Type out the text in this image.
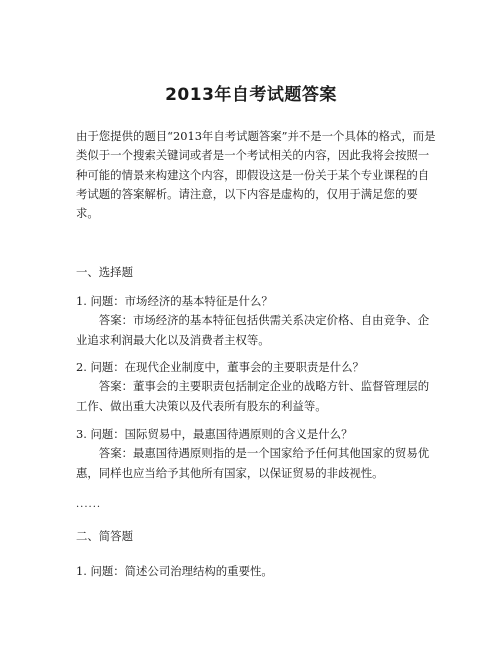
2013年自考试题答案
由于您提供的题目“2013年自考试题答案”并不是一个具体的格式，而是类似于一个搜索关键词或者是一个考试相关的内容，因此我将会按照一种可能的情景来构建这个内容，即假设这是一份关于某个专业课程的自考试题的答案解析。请注意，以下内容是虚构的，仅用于满足您的要求。
一、选择题
1. 问题：市场经济的基本特征是什么？
答案：市场经济的基本特征包括供需关系决定价格、自由竞争、企业追求利润最大化以及消费者主权等。
2. 问题：在现代企业制度中，董事会的主要职责是什么？
答案：董事会的主要职责包括制定企业的战略方针、监督管理层的工作、做出重大决策以及代表所有股东的利益等。
3. 问题：国际贸易中，最惠国待遇原则的含义是什么？
答案：最惠国待遇原则指的是一个国家给予任何其他国家的贸易优惠，同样也应当给予其他所有国家，以保证贸易的非歧视性。
......
二、简答题
1. 问题：简述公司治理结构的重要性。
